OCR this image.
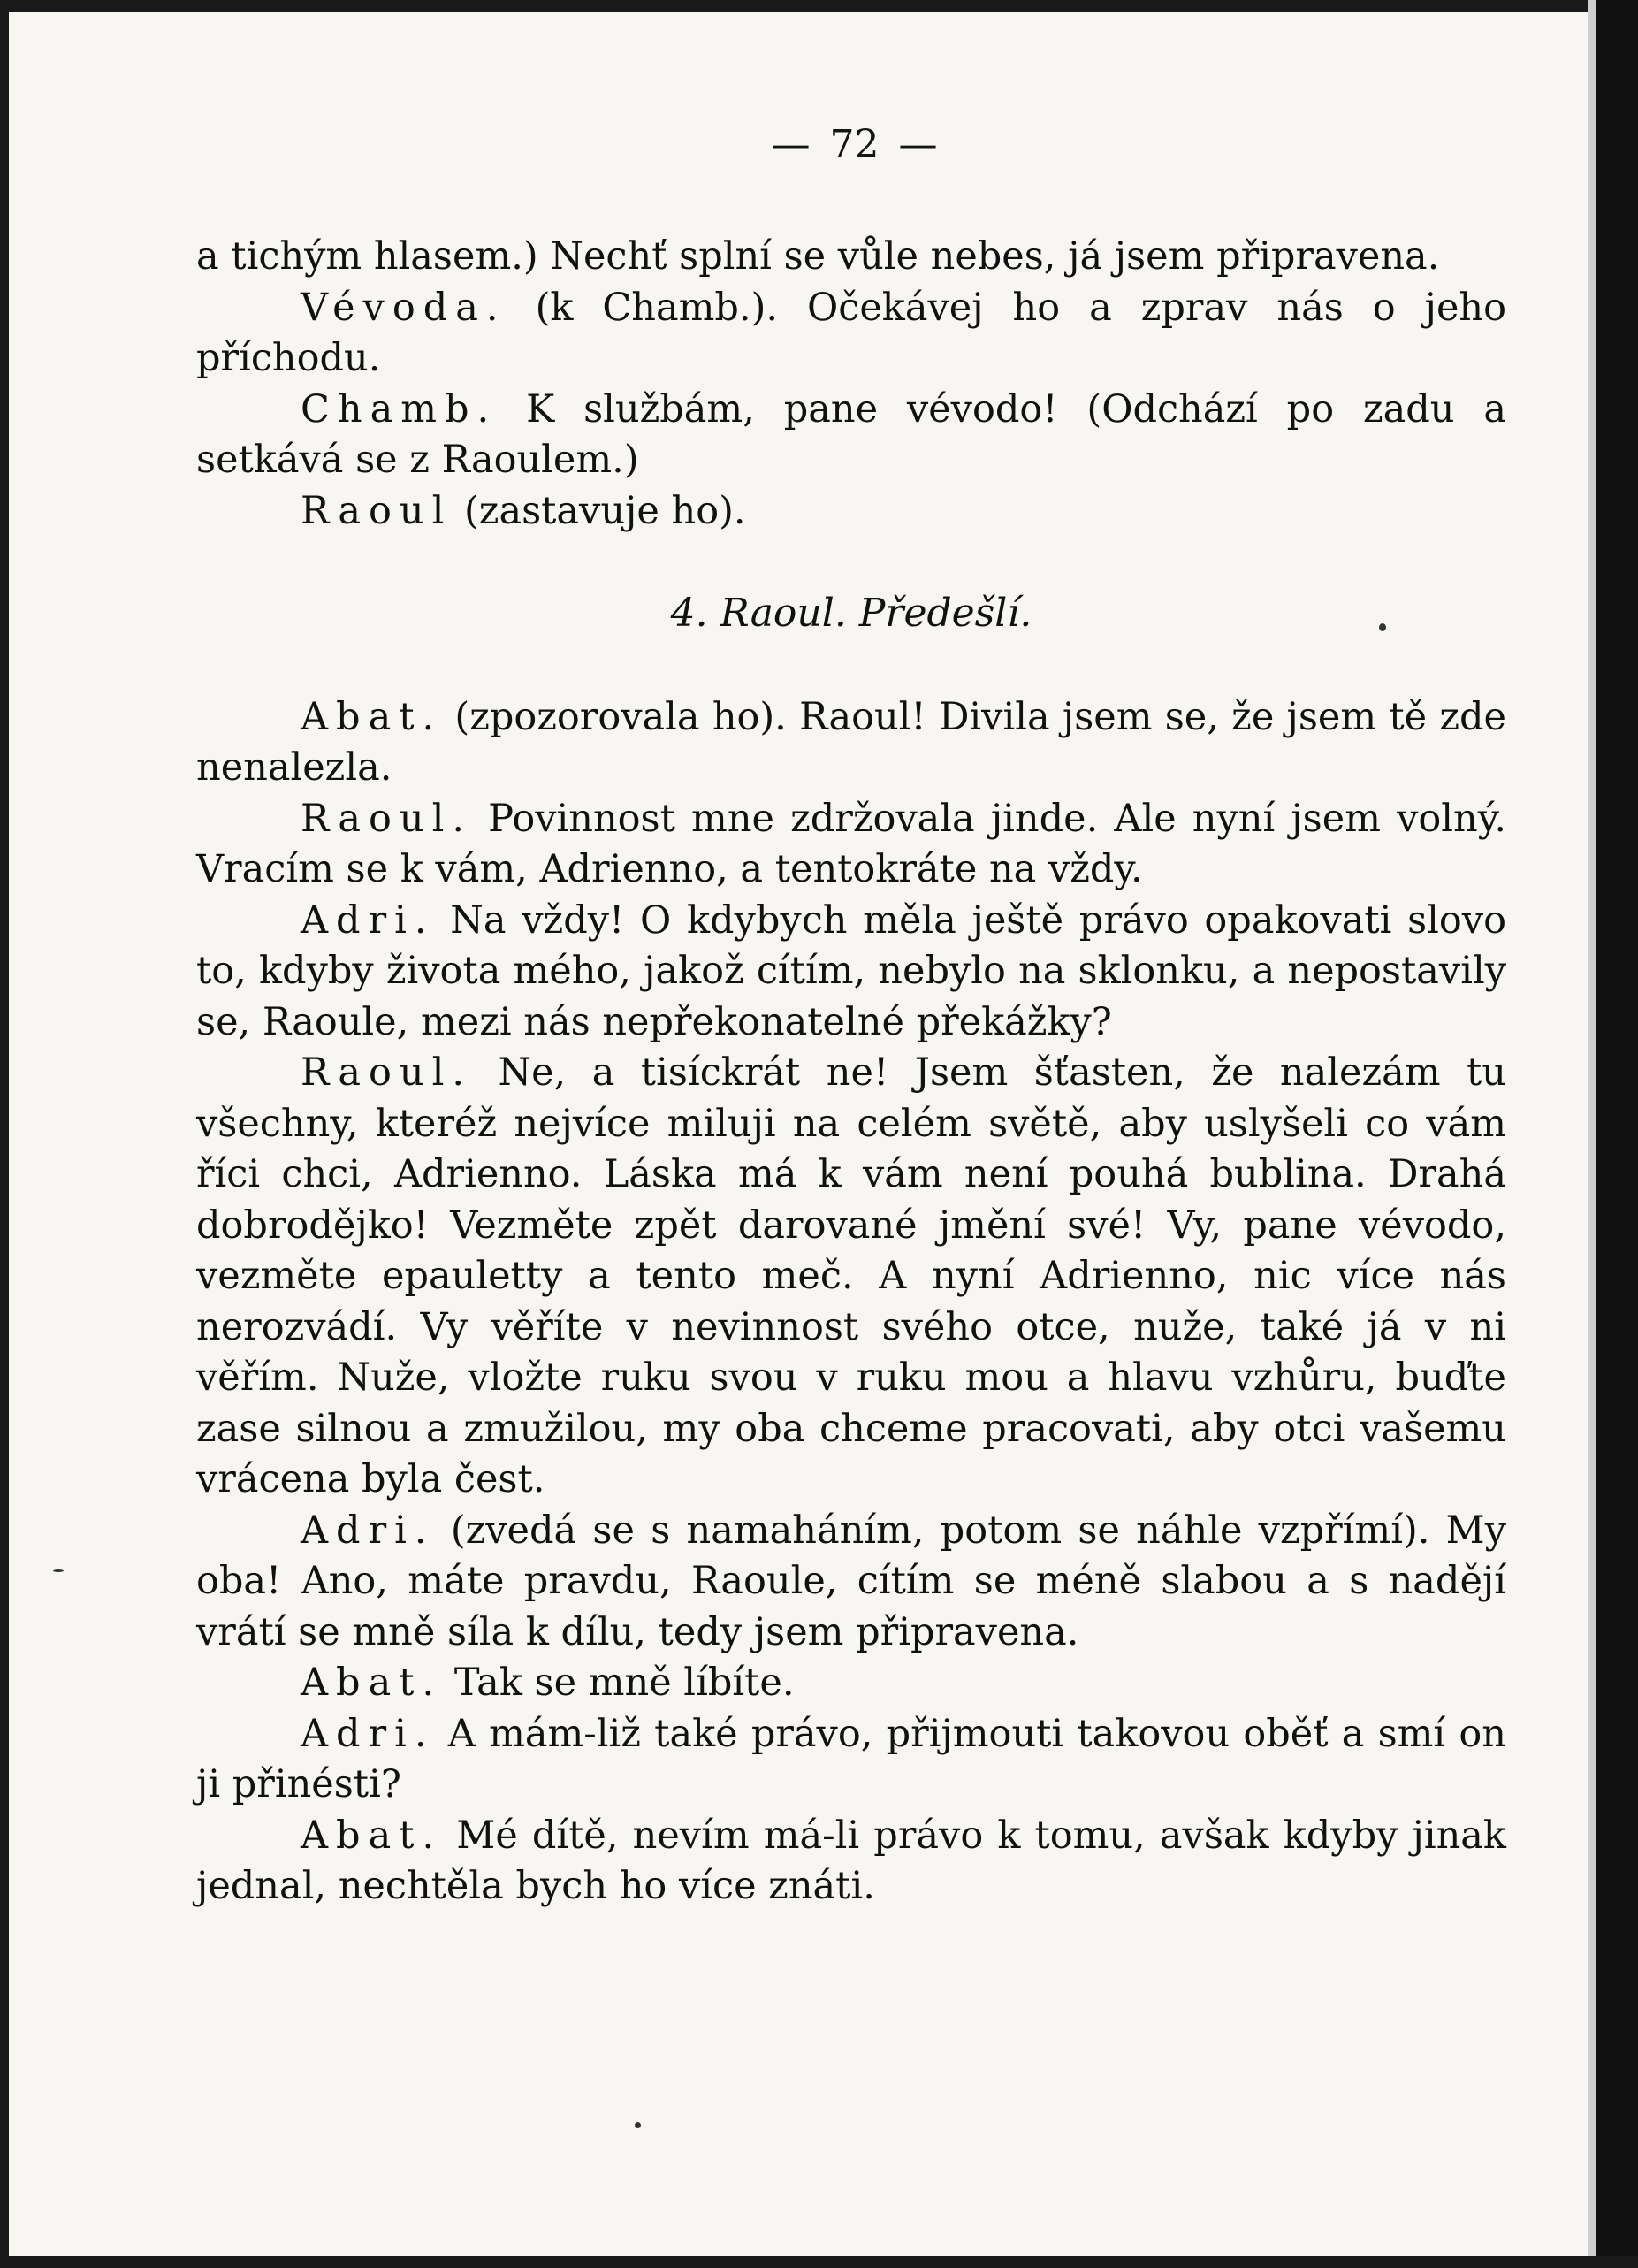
— 72 —

a tichým hlasem.) Nechť splní se vůle nebes, já jsem připravena.

Vévoda. (k Chamb.). Očekávej ho a zprav nás o jeho příchodu.

Chamb. K službám, pane vévodo! (Odchází po zadu a setkává se z Raoulem.)

Raoul (zastavuje ho).

4. Raoul. Předešlí.

Abat. (zpozorovala ho). Raoul! Divila jsem se, že jsem tě zde nenalezla.

Raoul. Povinnost mne zdržovala jinde. Ale nyní jsem volný. Vracím se k vám, Adrienno, a tentokráte na vždy.

Adri. Na vždy! O kdybych měla ještě právo opakovati slovo to, kdyby života mého, jakož cítím, nebylo na sklonku, a nepostavily se, Raoule, mezi nás nepřekonatelné překážky?

Raoul. Ne, a tisíckrát ne! Jsem šťasten, že nalezám tu všechny, kteréž nejvíce miluji na celém světě, aby uslyšeli co vám říci chci, Adrienno. Láska má k vám není pouhá bublina. Drahá dobrodějko! Vezměte zpět darované jmění své! Vy, pane vévodo, vezměte epauletty a tento meč. A nyní Adrienno, nic více nás nerozvádí. Vy věříte v nevinnost svého otce, nuže, také já v ni věřím. Nuže, vložte ruku svou v ruku mou a hlavu vzhůru, buďte zase silnou a zmužilou, my oba chceme pracovati, aby otci vašemu vrácena byla čest.

Adri. (zvedá se s namaháním, potom se náhle vzpřímí). My oba! Ano, máte pravdu, Raoule, cítím se méně slabou a s nadějí vrátí se mně síla k dílu, tedy jsem připravena.

Abat. Tak se mně líbíte.

Adri. A mám-liž také právo, přijmouti takovou oběť a smí on ji přinésti?

Abat. Mé dítě, nevím má-li právo k tomu, avšak kdyby jinak jednal, nechtěla bych ho více znáti.
